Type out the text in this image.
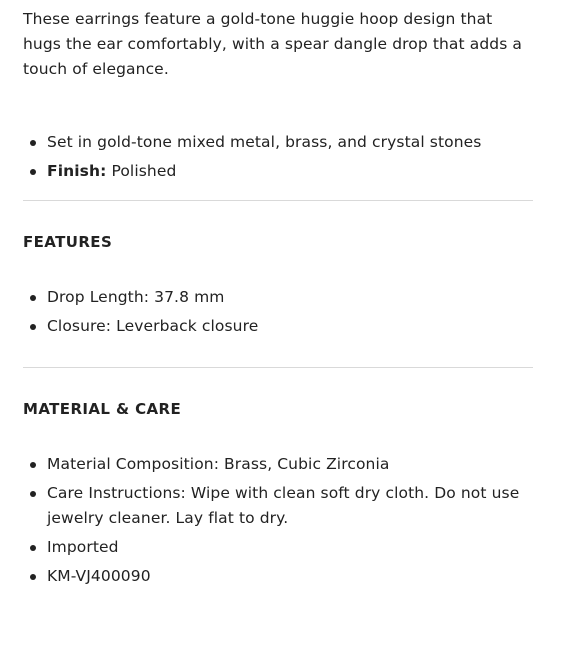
These earrings feature a gold-tone huggie hoop design that hugs the ear comfortably, with a spear dangle drop that adds a touch of elegance.

Set in gold-tone mixed metal, brass, and crystal stones
Finish: Polished
FEATURES
Drop Length: 37.8 mm
Closure: Leverback closure
MATERIAL & CARE
Material Composition: Brass, Cubic Zirconia
Care Instructions: Wipe with clean soft dry cloth. Do not use jewelry cleaner. Lay flat to dry.
Imported
KM-VJ400090
